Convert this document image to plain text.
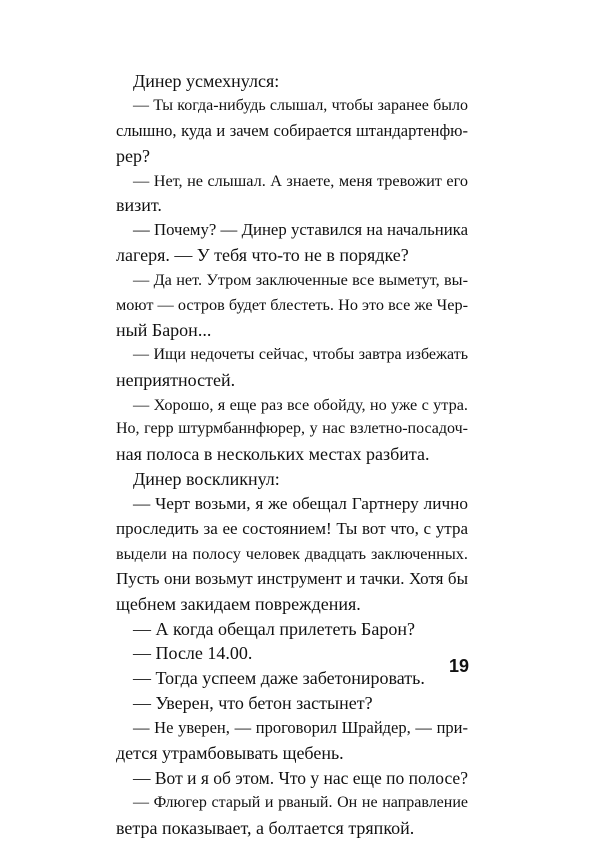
Динер усмехнулся:
— Ты когда-нибудь слышал, чтобы заранее было
слышно, куда и зачем собирается штандартенфю-
рер?
— Нет, не слышал. А знаете, меня тревожит его
визит.
— Почему? — Динер уставился на начальника
лагеря. — У тебя что-то не в порядке?
— Да нет. Утром заключенные все выметут, вы-
моют — остров будет блестеть. Но это все же Чер-
ный Барон...
— Ищи недочеты сейчас, чтобы завтра избежать
неприятностей.
— Хорошо, я еще раз все обойду, но уже с утра.
Но, герр штурмбаннфюрер, у нас взлетно-посадоч-
ная полоса в нескольких местах разбита.
Динер воскликнул:
— Черт возьми, я же обещал Гартнеру лично
проследить за ее состоянием! Ты вот что, с утра
выдели на полосу человек двадцать заключенных.
Пусть они возьмут инструмент и тачки. Хотя бы
щебнем закидаем повреждения.
— А когда обещал прилететь Барон?
— После 14.00.
— Тогда успеем даже забетонировать.
— Уверен, что бетон застынет?
— Не уверен, — проговорил Шрайдер, — при-
дется утрамбовывать щебень.
— Вот и я об этом. Что у нас еще по полосе?
— Флюгер старый и рваный. Он не направление
ветра показывает, а болтается тряпкой.
19
